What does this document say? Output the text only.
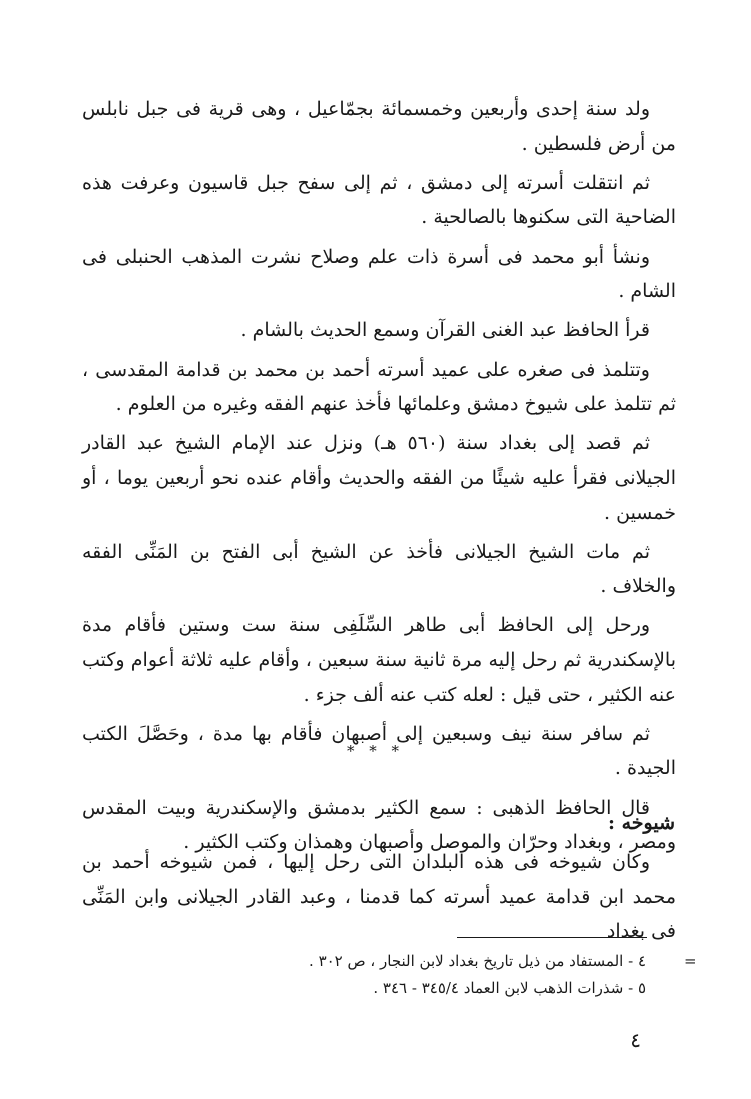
ولد سنة إحدى وأربعين وخمسمائة بجمّاعيل ، وهى قرية فى جبل نابلس من أرض فلسطين .

ثم انتقلت أسرته إلى دمشق ، ثم إلى سفح جبل قاسيون وعرفت هذه الضاحية التى سكنوها بالصالحية .

ونشأ أبو محمد فى أسرة ذات علم وصلاح نشرت المذهب الحنبلى فى الشام .

قرأ الحافظ عبد الغنى القرآن وسمع الحديث بالشام .

وتتلمذ فى صغره على عميد أسرته أحمد بن محمد بن قدامة المقدسى ، ثم تتلمذ على شيوخ دمشق وعلمائها فأخذ عنهم الفقه وغيره من العلوم .

ثم قصد إلى بغداد سنة (٥٦٠ هـ) ونزل عند الإمام الشيخ عبد القادر الجيلانى فقرأ عليه شيئًا من الفقه والحديث وأقام عنده نحو أربعين يوما ، أو خمسين .

ثم مات الشيخ الجيلانى فأخذ عن الشيخ أبى الفتح بن المَنِّى الفقه والخلاف .

ورحل إلى الحافظ أبى طاهر السِّلَفِى سنة ست وستين فأقام مدة بالإسكندرية ثم رحل إليه مرة ثانية سنة سبعين ، وأقام عليه ثلاثة أعوام وكتب عنه الكثير ، حتى قيل : لعله كتب عنه ألف جزء .

ثم سافر سنة نيف وسبعين إلى أصبهان فأقام بها مدة ، وحَصَّلَ الكتب الجيدة .

قال الحافظ الذهبى : سمع الكثير بدمشق والإسكندرية وبيت المقدس ومصر ، وبغداد وحرّان والموصل وأصبهان وهمذان وكتب الكثير .

* * *
شيوخه :

وكان شيوخه فى هذه البلدان التى رحل إليها ، فمن شيوخه أحمد بن محمد ابن قدامة عميد أسرته كما قدمنا ، وعبد القادر الجيلانى وابن المَنِّى فى بغداد

=
٤ - المستفاد من ذيل تاريخ بغداد لابن النجار ، ص ٣٠٢ .
٥ - شذرات الذهب لابن العماد ٣٤٥/٤ - ٣٤٦ .
٤
